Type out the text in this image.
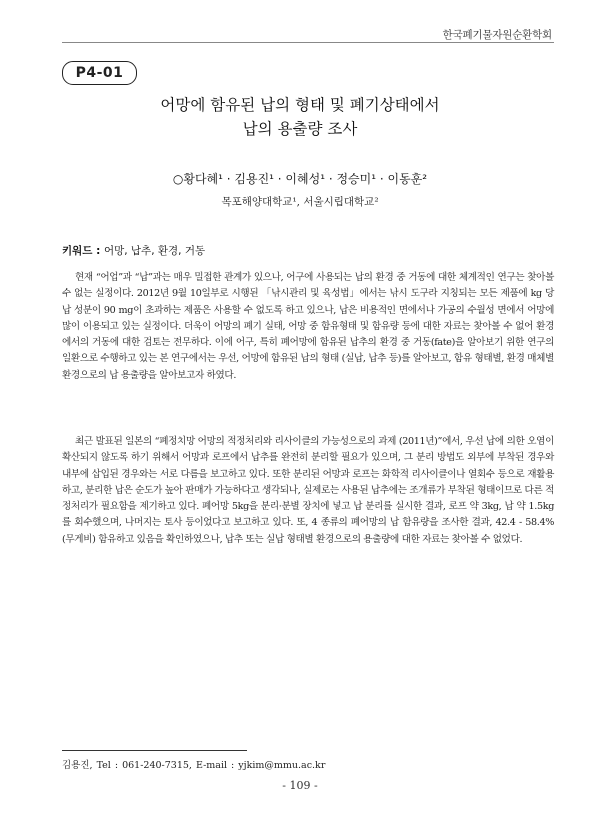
한국폐기물자원순환학회
P4-01
어망에 함유된 납의 형태 및 폐기상태에서
납의 용출량 조사
○황다혜¹ · 김용진¹ · 이혜성¹ · 정승미¹ · 이동훈²
목포해양대학교¹, 서울시립대학교²
키워드 : 어망, 납추, 환경, 거동

현재 “어업”과 “납”과는 매우 밀접한 관계가 있으나, 어구에 사용되는 납의 환경 중 거동에 대한 체계적인 연구는 찾아볼 수 없는 실정이다. 2012년 9월 10일부로 시행된 「낚시관리 및 육성법」에서는 낚시 도구라 지칭되는 모든 제품에 kg 당 납 성분이 90 mg이 초과하는 제품은 사용할 수 없도록 하고 있으나, 납은 비용적인 면에서나 가공의 수월성 면에서 어망에 많이 이용되고 있는 실정이다. 더욱이 어망의 폐기 실태, 어망 중 함유형태 및 함유량 등에 대한 자료는 찾아볼 수 없어 환경에서의 거동에 대한 검토는 전무하다. 이에 어구, 특히 폐어망에 함유된 납추의 환경 중 거동(fate)을 알아보기 위한 연구의 일환으로 수행하고 있는 본 연구에서는 우선, 어망에 함유된 납의 형태 (실납, 납추 등)를 알아보고, 함유 형태별, 환경 매체별 환경으로의 납 용출량을 알아보고자 하였다.

최근 발표된 일본의 “폐정치망 어망의 적정처리와 리사이클의 가능성으로의 과제 (2011년)”에서, 우선 납에 의한 오염이 확산되지 않도록 하기 위해서 어망과 로프에서 납추를 완전히 분리할 필요가 있으며, 그 분리 방법도 외부에 부착된 경우와 내부에 삽입된 경우와는 서로 다름을 보고하고 있다. 또한 분리된 어망과 로프는 화학적 리사이클이나 열회수 등으로 재활용하고, 분리한 납은 순도가 높아 판매가 가능하다고 생각되나, 실제로는 사용된 납추에는 조개류가 부착된 형태이므로 다른 적정처리가 필요함을 제기하고 있다. 폐어망 5kg을 분리·분별 장치에 넣고 납 분리를 실시한 결과, 로프 약 3kg, 납 약 1.5kg를 회수했으며, 나머지는 토사 등이었다고 보고하고 있다. 또, 4 종류의 폐어망의 납 함유량을 조사한 결과, 42.4 - 58.4% (무게비) 함유하고 있음을 확인하였으나, 납추 또는 실납 형태별 환경으로의 용출량에 대한 자료는 찾아볼 수 없었다.

김용진, Tel : 061-240-7315, E-mail : yjkim@mmu.ac.kr
- 109 -
